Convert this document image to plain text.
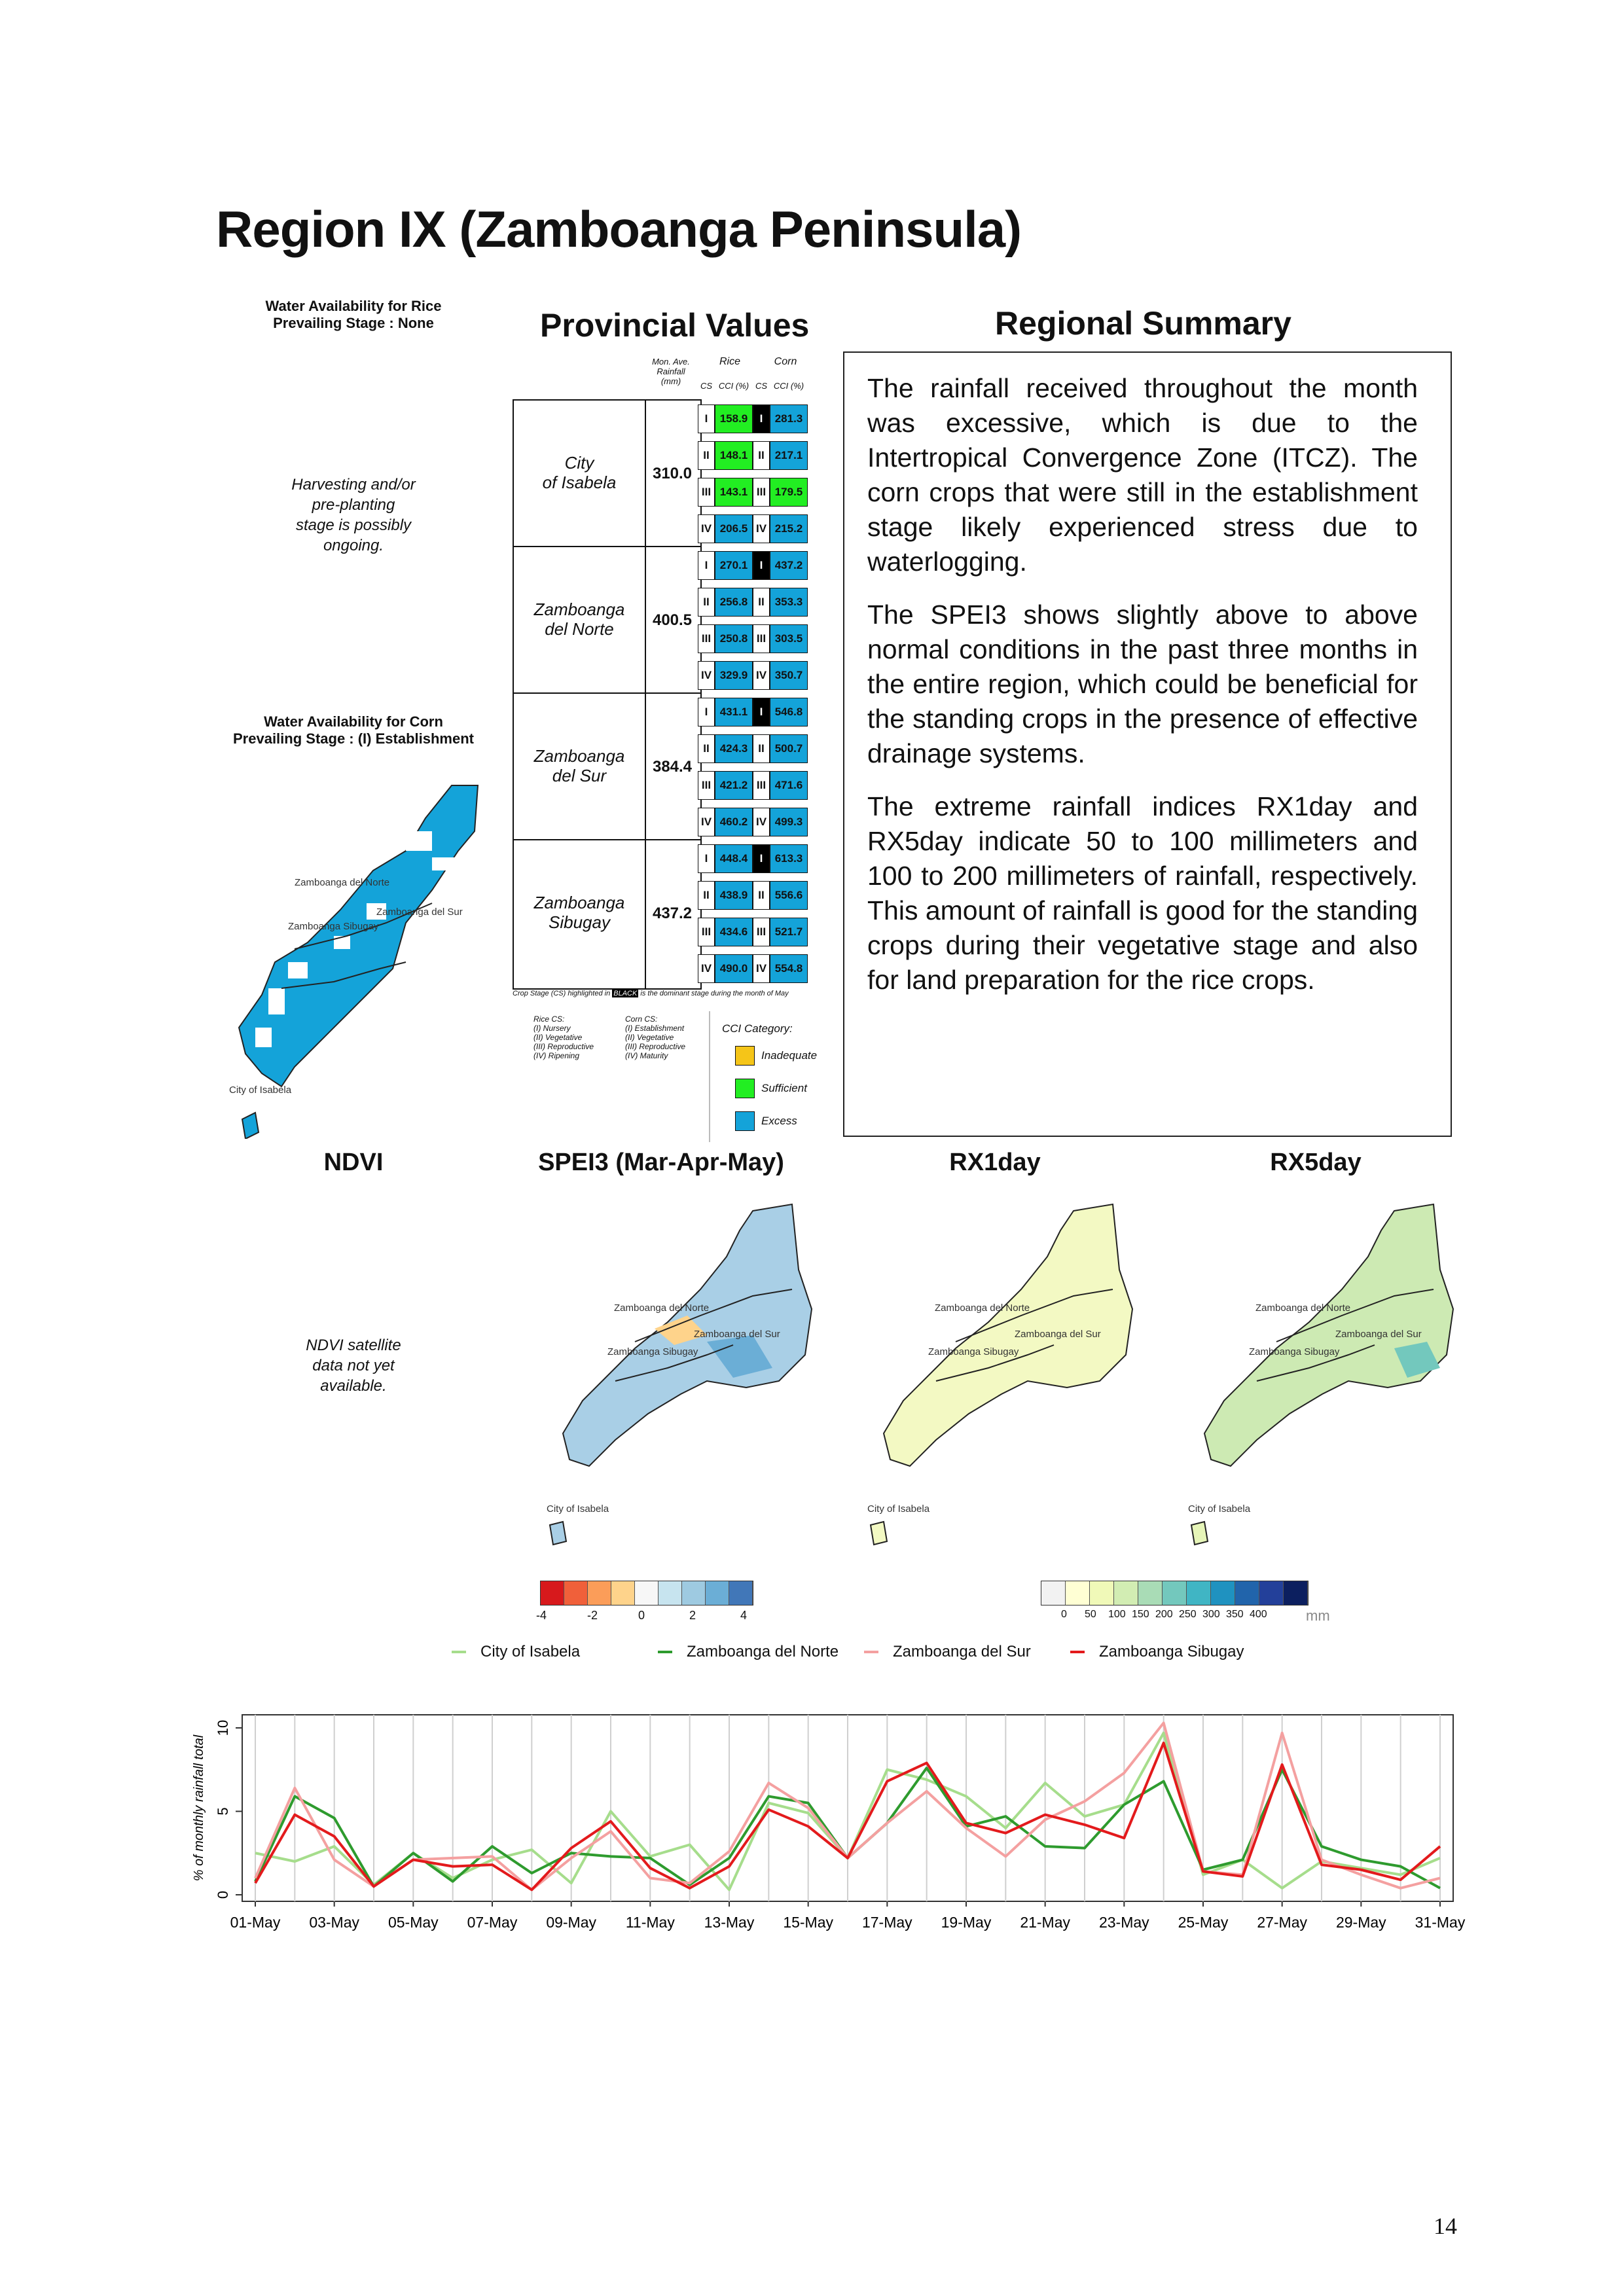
Region IX (Zamboanga Peninsula)
Water Availability for Rice
Prevailing Stage : None
Harvesting and/or
pre-planting
stage is possibly
ongoing.
Water Availability for Corn
Prevailing Stage : (I) Establishment
Zamboanga del Norte
Zamboanga del Sur
Zamboanga Sibugay
City of Isabela
Provincial Values
Mon. Ave.
Rainfall
(mm)
Rice	Corn
CS CCI (%) CS CCI (%)
City
of Isabela	310.0
Zamboanga
del Norte	400.5
Zamboanga
del Sur	384.4
Zamboanga
Sibugay	437.2
I	158.9	I	281.3
II 148.1 II 217.1
III 143.1 III 179.5
IV 206.5 IV 215.2
I	270.1	I	437.2
II 256.8 II 353.3
III 250.8 III 303.5
IV 329.9 IV 350.7
I	431.1	I	546.8
II 424.3 II 500.7
III 421.2 III 471.6
IV 460.2 IV 499.3
I	448.4	I	613.3
II 438.9 II 556.6
III 434.6 III 521.7
IV 490.0 IV 554.8
Crop Stage (CS) highlighted in BLACK is the dominant stage during the month of May
Rice CS:
(I) Nursery
(II) Vegetative
(III) Reproductive
(IV) Ripening
Corn CS:
(I) Establishment
(II) Vegetative
(III) Reproductive
(IV) Maturity
CCI Category:
Inadequate
Sufficient
Excess
Regional Summary

The rainfall received throughout the month was excessive, which is due to the Intertropical Convergence Zone (ITCZ). The corn crops that were still in the establishment stage likely experienced stress due to waterlogging.

The SPEI3 shows slightly above to above normal conditions in the past three months in the entire region, which could be beneficial for the standing crops in the presence of effective drainage systems.

The extreme rainfall indices RX1day and RX5day indicate 50 to 100 millimeters and 100 to 200 millimeters of rainfall, respectively. This amount of rainfall is good for the standing crops during their vegetative stage and also for land preparation for the rice crops.

NDVI	SPEI3 (Mar-Apr-May)	RX1day	RX5day
NDVI satellite
data not yet
available.
Zamboanga del Norte
Zamboanga del Sur
Zamboanga Sibugay
City of Isabela
Zamboanga del Norte
Zamboanga del Sur
Zamboanga Sibugay
City of Isabela
Zamboanga del Norte
Zamboanga del Sur
Zamboanga Sibugay
City of Isabela
-4	-2	0	2	4	0 50 100 150 200 250 300 350 400	mm
City of Isabela	Zamboanga del Norte	Zamboanga del Sur	Zamboanga Sibugay
0
5
10
% of monthly rainfall total
01-May 03-May 05-May 07-May 09-May 11-May 13-May 15-May 17-May 19-May 21-May 23-May 25-May 27-May 29-May 31-May
14
